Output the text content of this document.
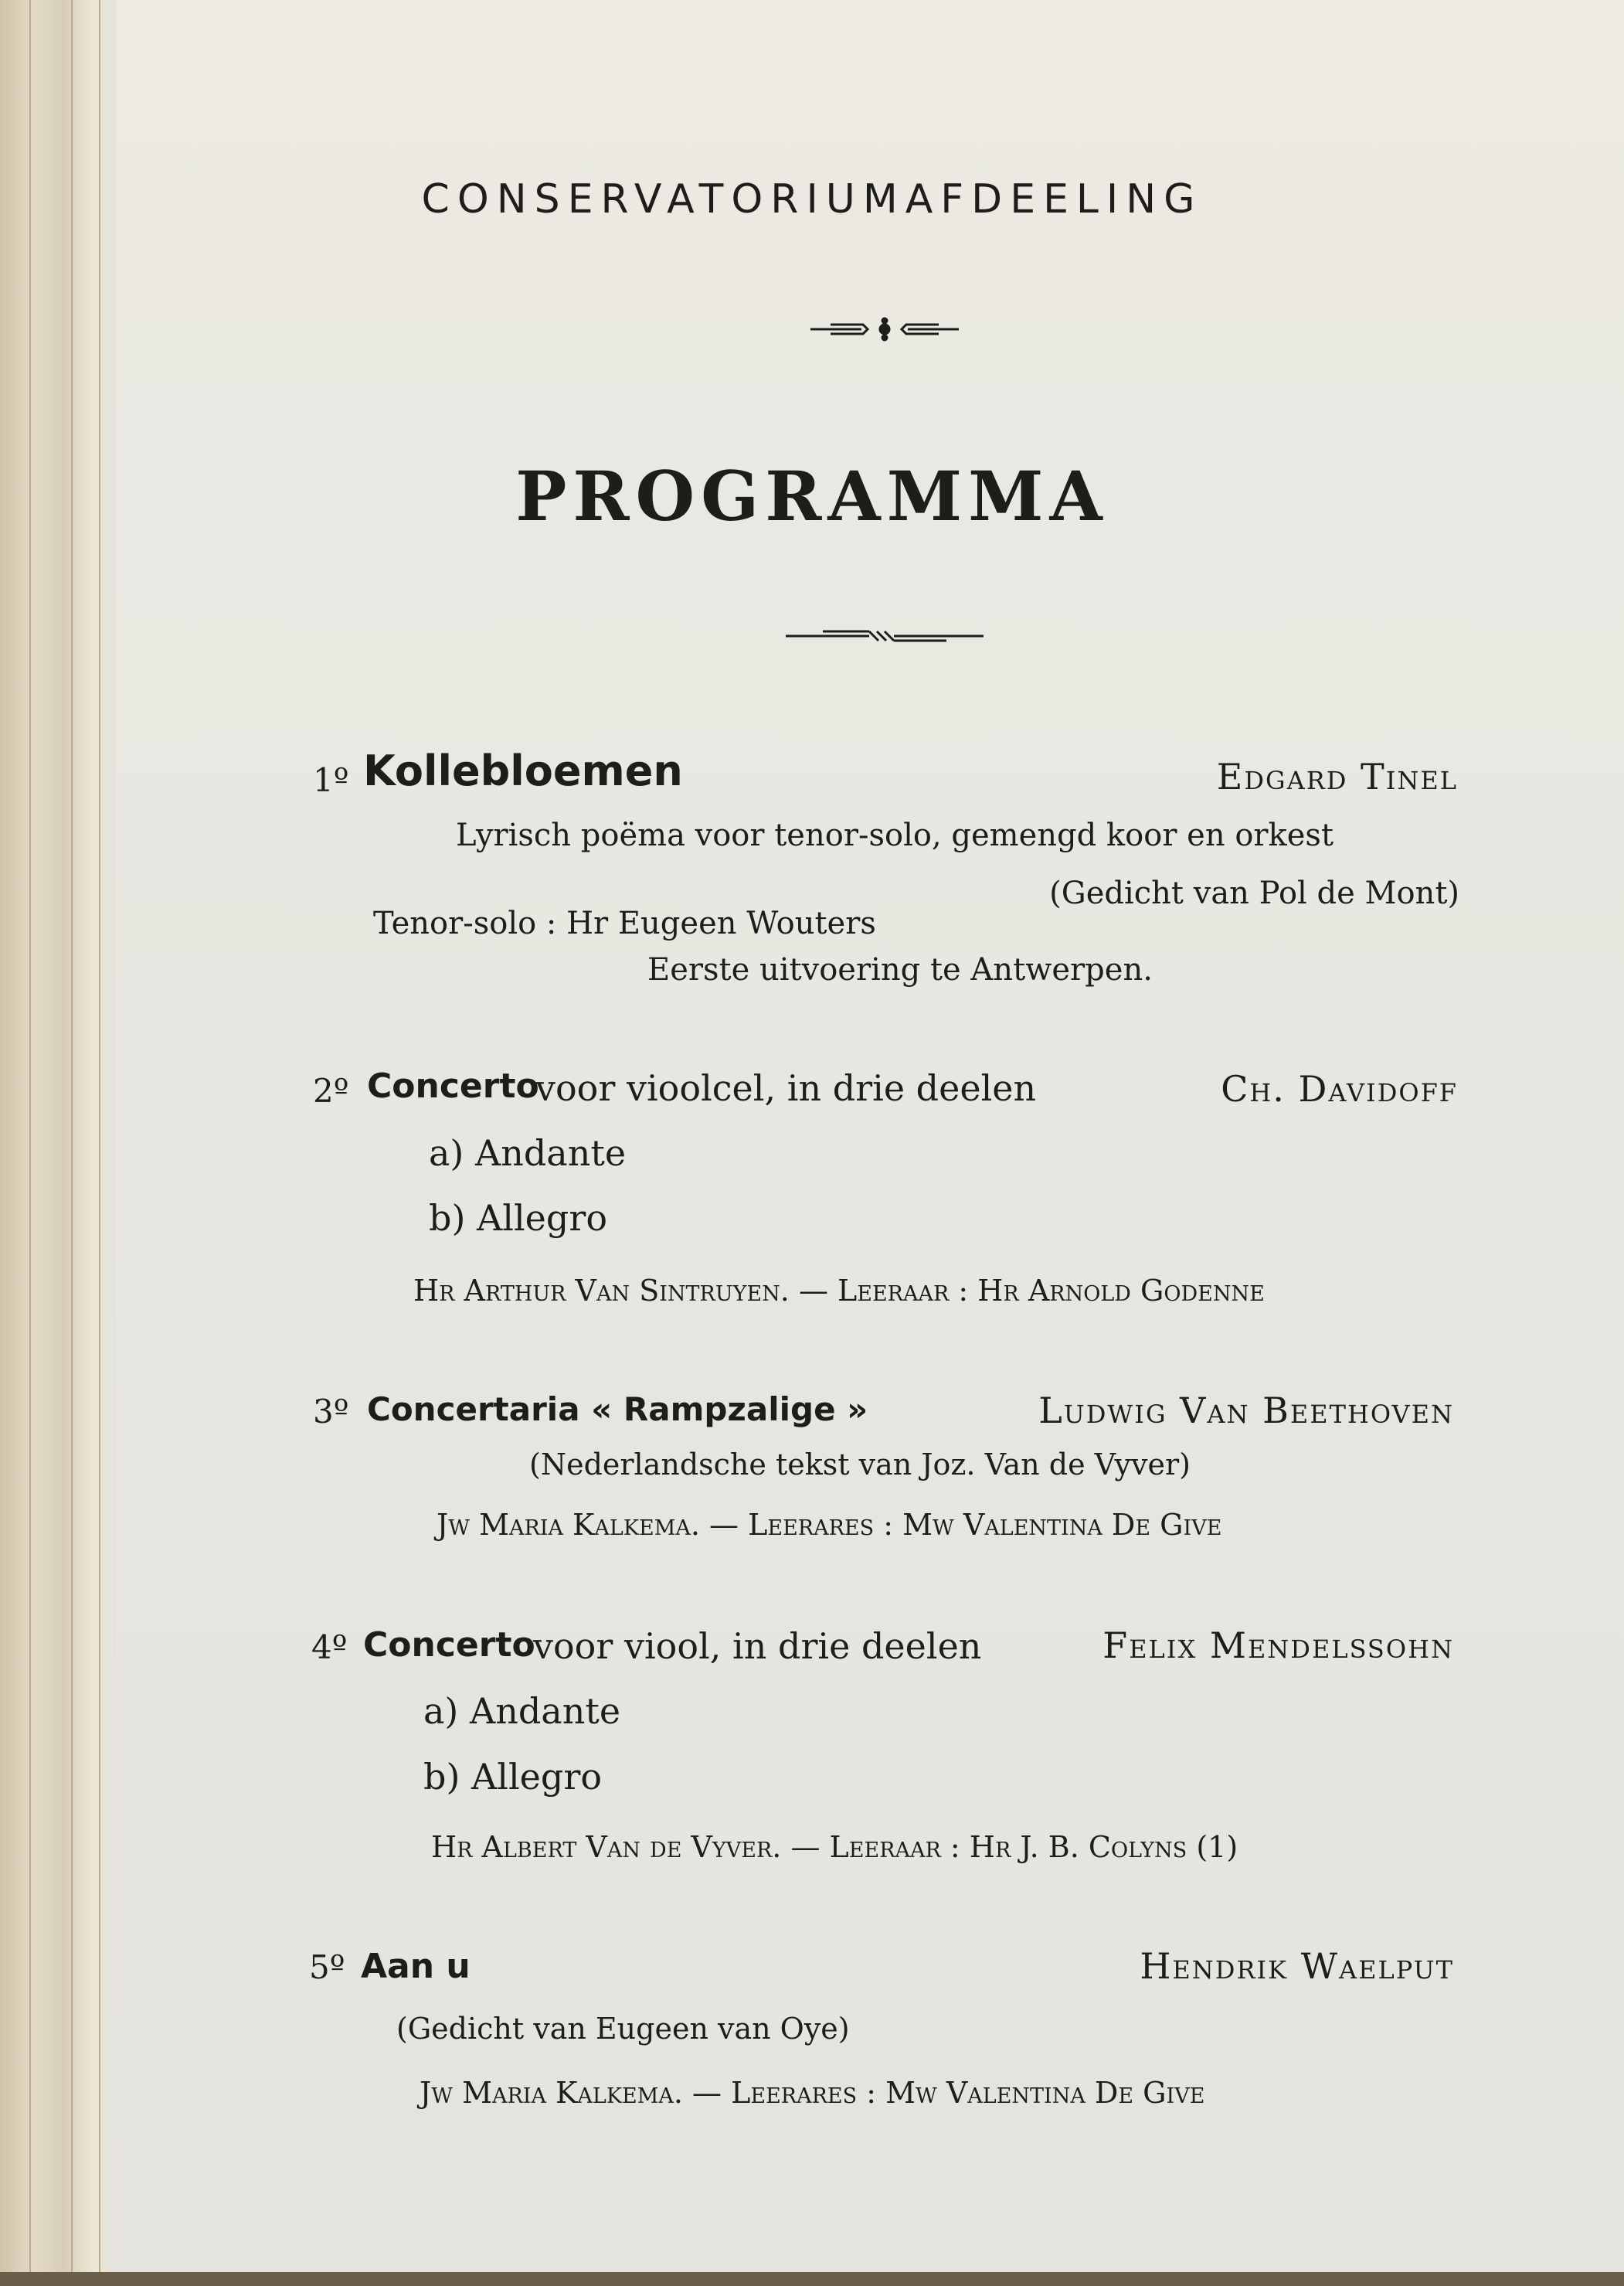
CONSERVATORIUMAFDEELING
PROGRAMMA
1º Kollebloemen	Edgard Tinel
Lyrisch poëma voor tenor-solo, gemengd koor en orkest
(Gedicht van Pol de Mont)
Tenor-solo : Hr Eugeen Wouters
Eerste uitvoering te Antwerpen.
2º Concerto
voor vioolcel, in drie deelen	Ch. Davidoff
a) Andante
b) Allegro
Hr Arthur Van Sintruyen. — Leeraar : Hr Arnold Godenne
3º Concertaria « Rampzalige »	Ludwig Van Beethoven
(Nederlandsche tekst van Joz. Van de Vyver)
Jw Maria Kalkema. — Leerares : Mw Valentina De Give
4º Concerto
voor viool, in drie deelen	Felix Mendelssohn
a) Andante
b) Allegro
Hr Albert Van de Vyver. — Leeraar : Hr J. B. Colyns (1)
5º Aan u	Hendrik Waelput
(Gedicht van Eugeen van Oye)
Jw Maria Kalkema. — Leerares : Mw Valentina De Give
